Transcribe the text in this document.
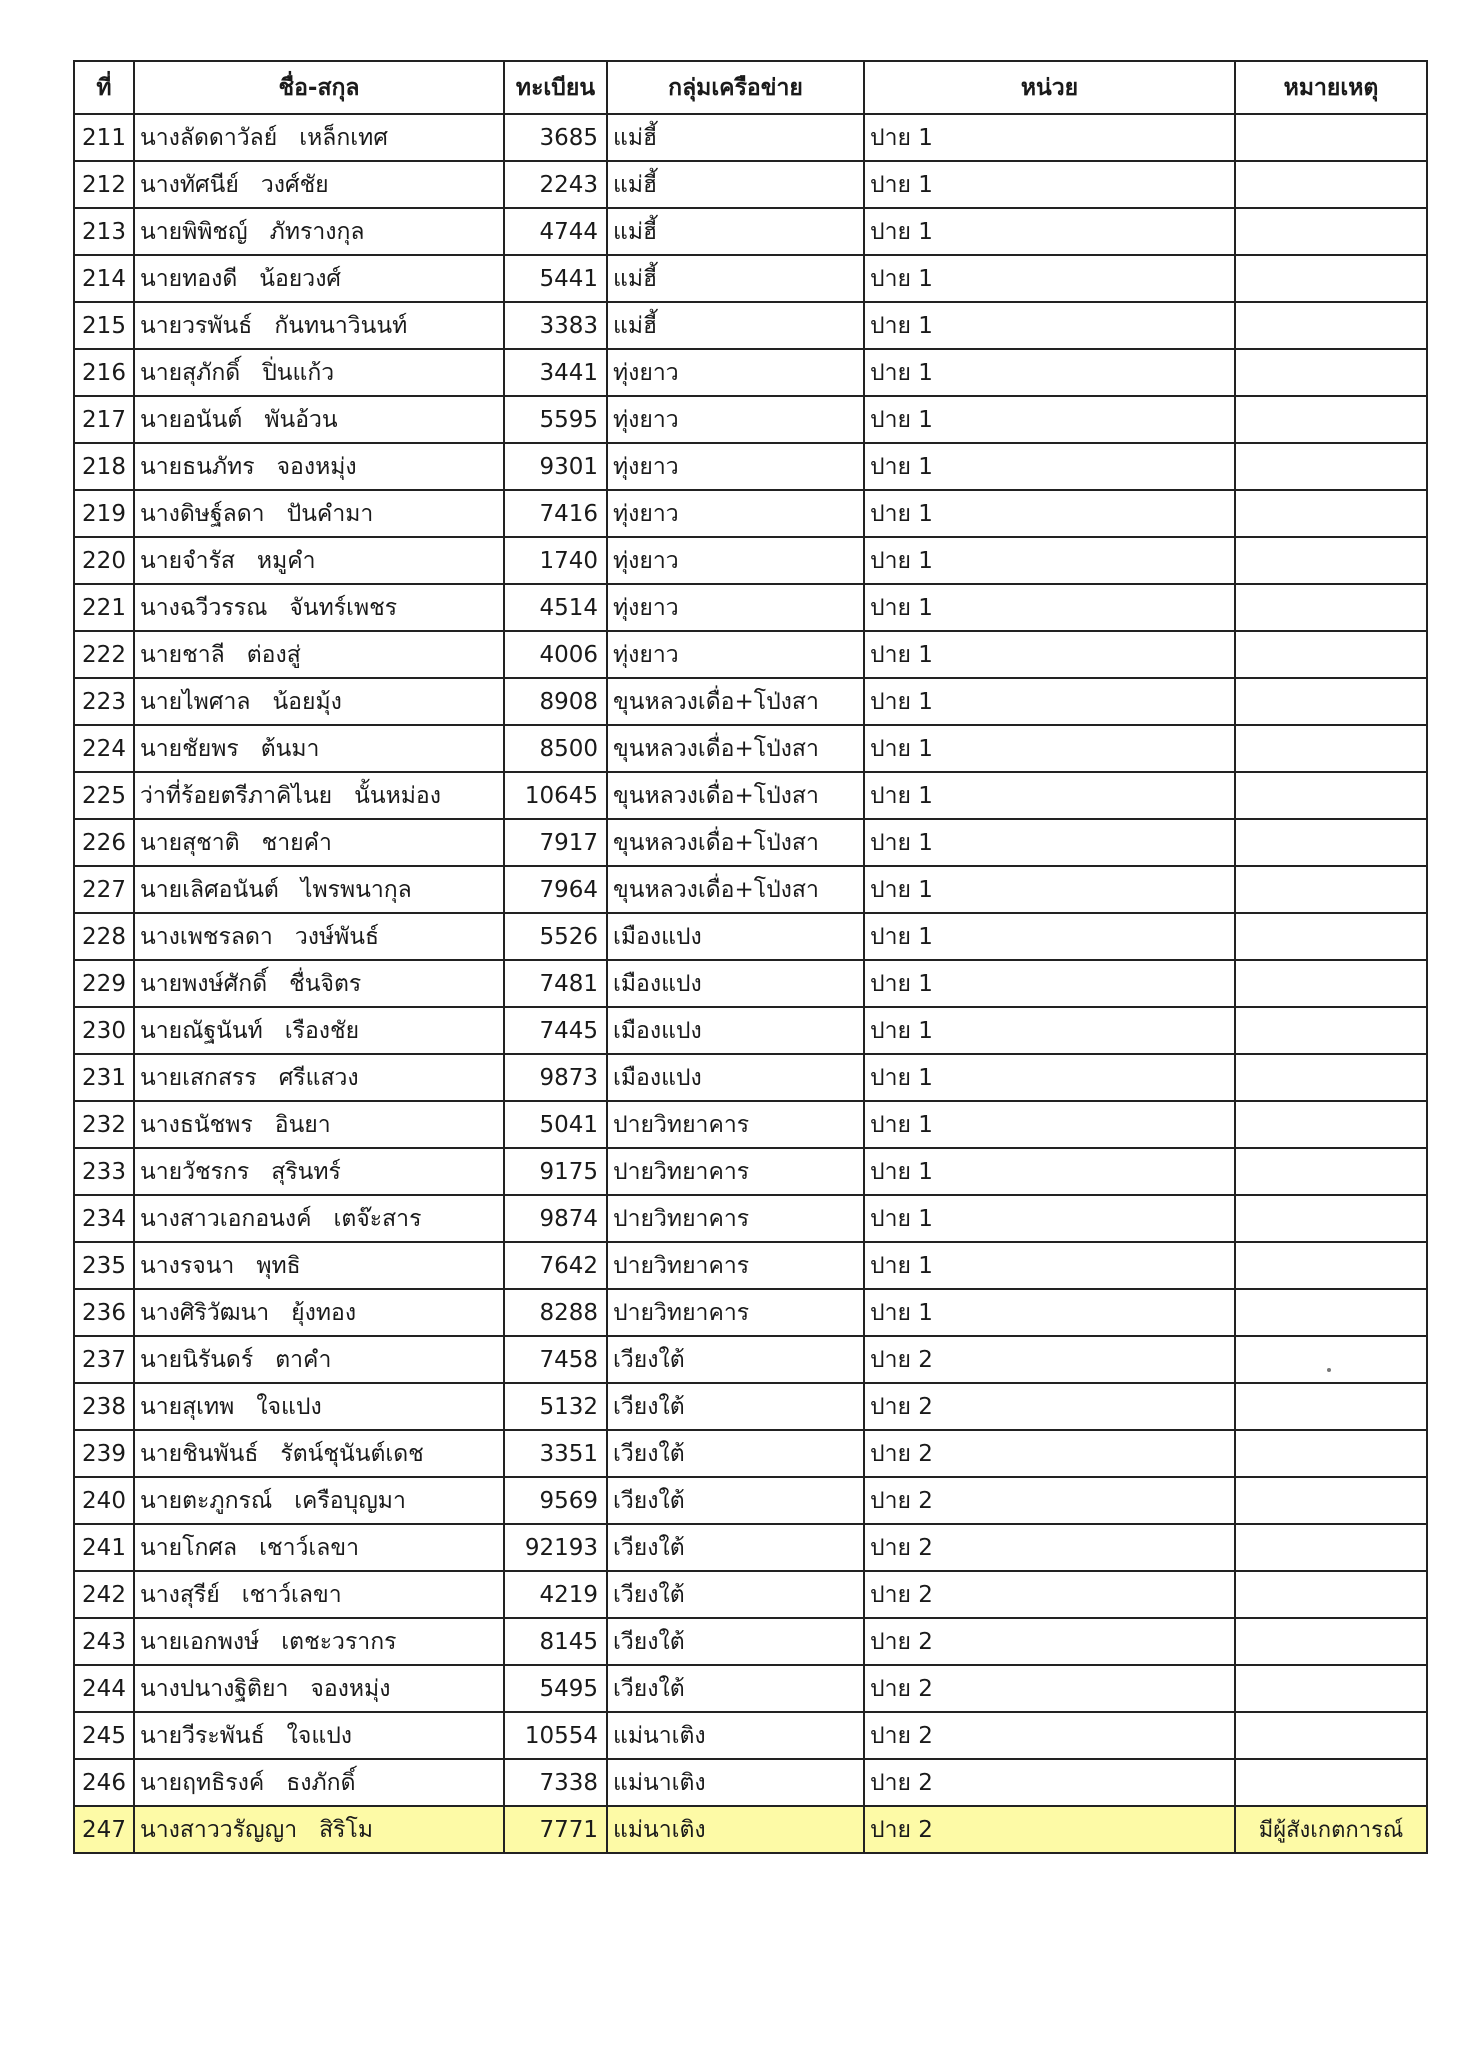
ที่	ชื่อ-สกุล	ทะเบียน	กลุ่มเครือข่าย	หน่วย	หมายเหตุ
211	นางลัดดาวัลย์ เหล็กเทศ	3685	แม่ฮี้	ปาย 1	
212	นางทัศนีย์ วงศ์ชัย	2243	แม่ฮี้	ปาย 1	
213	นายพิพิชญ์ ภัทรางกุล	4744	แม่ฮี้	ปาย 1	
214	นายทองดี น้อยวงศ์	5441	แม่ฮี้	ปาย 1	
215	นายวรพันธ์ กันทนาวินนท์	3383	แม่ฮี้	ปาย 1	
216	นายสุภักดิ์ ปิ่นแก้ว	3441	ทุ่งยาว	ปาย 1	
217	นายอนันต์ พันอ้วน	5595	ทุ่งยาว	ปาย 1	
218	นายธนภัทร จองหมุ่ง	9301	ทุ่งยาว	ปาย 1	
219	นางดิษฐ์ลดา ปันคำมา	7416	ทุ่งยาว	ปาย 1	
220	นายจำรัส หมูคำ	1740	ทุ่งยาว	ปาย 1	
221	นางฉวีวรรณ จันทร์เพชร	4514	ทุ่งยาว	ปาย 1	
222	นายชาลี ต่องสู่	4006	ทุ่งยาว	ปาย 1	
223	นายไพศาล น้อยมุ้ง	8908	ขุนหลวงเดื่อ+โป่งสา	ปาย 1	
224	นายชัยพร ต้นมา	8500	ขุนหลวงเดื่อ+โป่งสา	ปาย 1	
225	ว่าที่ร้อยตรีภาคิไนย นั้นหม่อง	10645	ขุนหลวงเดื่อ+โป่งสา	ปาย 1	
226	นายสุชาติ ชายคำ	7917	ขุนหลวงเดื่อ+โป่งสา	ปาย 1	
227	นายเลิศอนันต์ ไพรพนากุล	7964	ขุนหลวงเดื่อ+โป่งสา	ปาย 1	
228	นางเพชรลดา วงษ์พันธ์	5526	เมืองแปง	ปาย 1	
229	นายพงษ์ศักดิ์ ชื่นจิตร	7481	เมืองแปง	ปาย 1	
230	นายณัฐนันท์ เรืองชัย	7445	เมืองแปง	ปาย 1	
231	นายเสกสรร ศรีแสวง	9873	เมืองแปง	ปาย 1	
232	นางธนัชพร อินยา	5041	ปายวิทยาคาร	ปาย 1	
233	นายวัชรกร สุรินทร์	9175	ปายวิทยาคาร	ปาย 1	
234	นางสาวเอกอนงค์ เตจ๊ะสาร	9874	ปายวิทยาคาร	ปาย 1	
235	นางรจนา พุทธิ	7642	ปายวิทยาคาร	ปาย 1	
236	นางศิริวัฒนา ยุ้งทอง	8288	ปายวิทยาคาร	ปาย 1	
237	นายนิรันดร์ ตาคำ	7458	เวียงใต้	ปาย 2	
238	นายสุเทพ ใจแปง	5132	เวียงใต้	ปาย 2	
239	นายชินพันธ์ รัตน์ชุนันต์เดช	3351	เวียงใต้	ปาย 2	
240	นายตะภูกรณ์ เครือบุญมา	9569	เวียงใต้	ปาย 2	
241	นายโกศล เชาว์เลขา	92193	เวียงใต้	ปาย 2	
242	นางสุรีย์ เชาว์เลขา	4219	เวียงใต้	ปาย 2	
243	นายเอกพงษ์ เตชะวรากร	8145	เวียงใต้	ปาย 2	
244	นางปนางฐิติยา จองหมุ่ง	5495	เวียงใต้	ปาย 2	
245	นายวีระพันธ์ ใจแปง	10554	แม่นาเติง	ปาย 2	
246	นายฤทธิรงค์ ธงภักดิ์	7338	แม่นาเติง	ปาย 2	
247	นางสาววรัญญา สิริโม	7771	แม่นาเติง	ปาย 2	มีผู้สังเกตการณ์
